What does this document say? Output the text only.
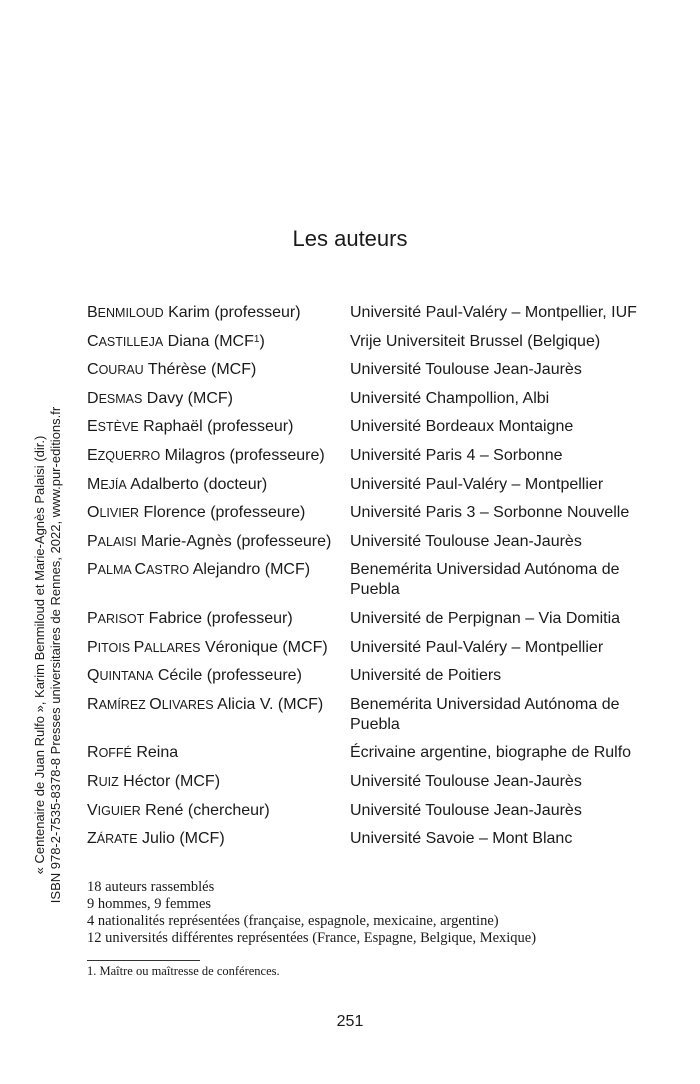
Les auteurs
BENMILOUD Karim (professeur)	Université Paul-Valéry – Montpellier, IUF
CASTILLEJA Diana (MCF$^1$)	Vrije Universiteit Brussel (Belgique)
COURAU Thérèse (MCF)	Université Toulouse Jean-Jaurès
DESMAS Davy (MCF)	Université Champollion, Albi
ESTÈVE Raphaël (professeur)	Université Bordeaux Montaigne
EZQUERRO Milagros (professeure)	Université Paris 4 – Sorbonne
MEJÍA Adalberto (docteur)	Université Paul-Valéry – Montpellier
OLIVIER Florence (professeure)	Université Paris 3 – Sorbonne Nouvelle
PALAISI Marie-Agnès (professeure)	Université Toulouse Jean-Jaurès
PALMA CASTRO Alejandro (MCF)	Benemérita Universidad Autónoma de Puebla
PARISOT Fabrice (professeur)	Université de Perpignan – Via Domitia
PITOIS PALLARES Véronique (MCF)	Université Paul-Valéry – Montpellier
QUINTANA Cécile (professeure)	Université de Poitiers
RAMÍREZ OLIVARES Alicia V. (MCF)	Benemérita Universidad Autónoma de Puebla
ROFFÉ Reina	Écrivaine argentine, biographe de Rulfo
RUIZ Héctor (MCF)	Université Toulouse Jean-Jaurès
VIGUIER René (chercheur)	Université Toulouse Jean-Jaurès
ZÁRATE Julio (MCF)	Université Savoie – Mont Blanc
18 auteurs rassemblés
9 hommes, 9 femmes
4 nationalités représentées (française, espagnole, mexicaine, argentine)
12 universités différentes représentées (France, Espagne, Belgique, Mexique)
1. Maître ou maîtresse de conférences.
251
« Centenaire de Juan Rulfo », Karim Benmiloud et Marie-Agnès Palaisi (dir.) ISBN 978-2-7535-8378-8 Presses universitaires de Rennes, 2022, www.pur-editions.fr
